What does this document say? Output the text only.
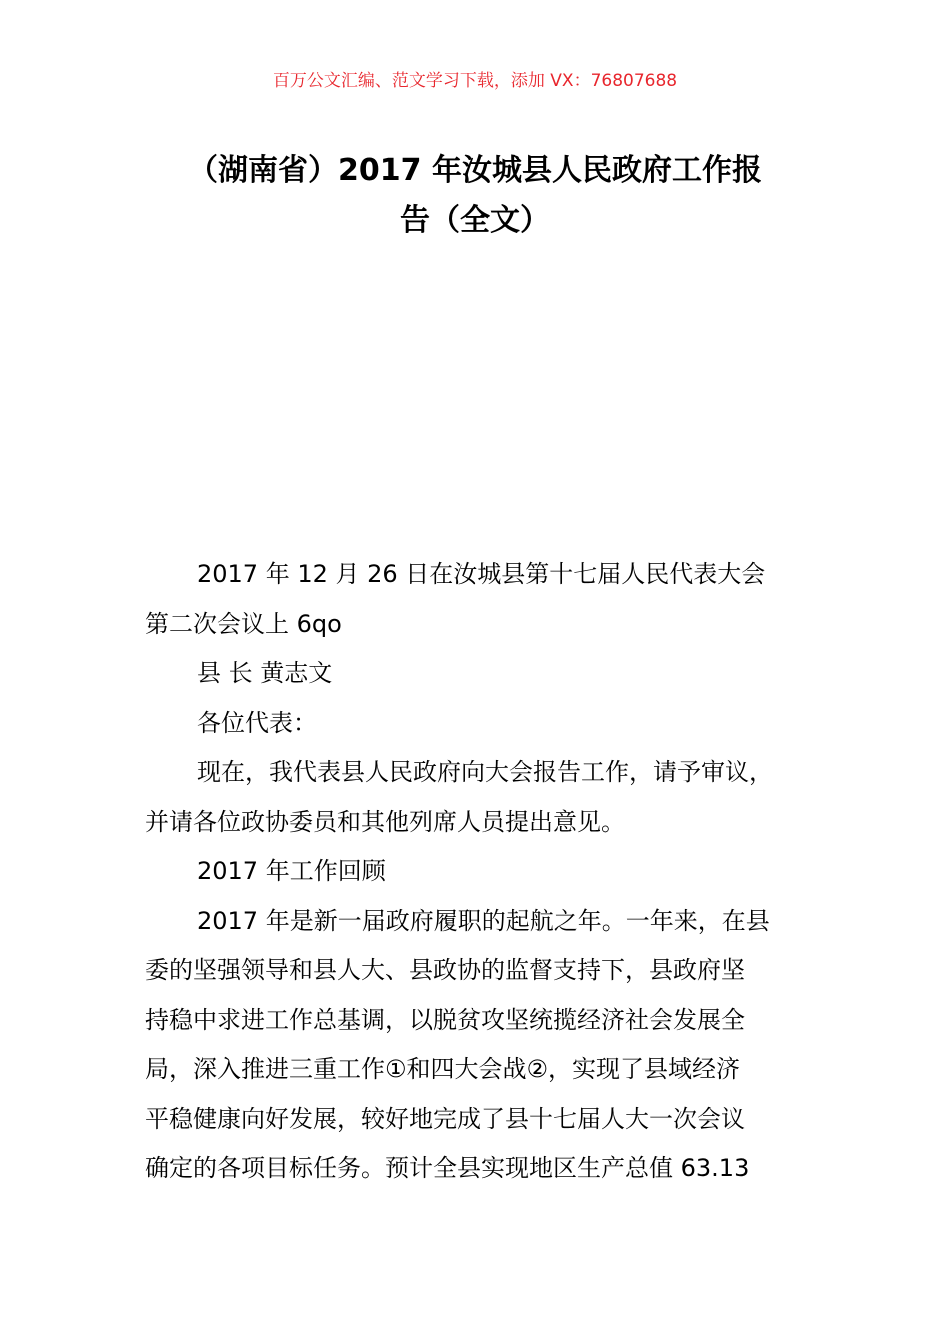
百万公文汇编、范文学习下载，添加 VX：76807688
（湖南省）2017 年汝城县人民政府工作报
告（全文）
2017 年 12 月 26 日在汝城县第十七届人民代表大会
第二次会议上 6qo
县 长 黄志文
各位代表：
现在，我代表县人民政府向大会报告工作，请予审议，
并请各位政协委员和其他列席人员提出意见。
2017 年工作回顾
2017 年是新一届政府履职的起航之年。一年来，在县
委的坚强领导和县人大、县政协的监督支持下，县政府坚
持稳中求进工作总基调，以脱贫攻坚统揽经济社会发展全
局，深入推进三重工作①和四大会战②，实现了县域经济
平稳健康向好发展，较好地完成了县十七届人大一次会议
确定的各项目标任务。预计全县实现地区生产总值 63.13
